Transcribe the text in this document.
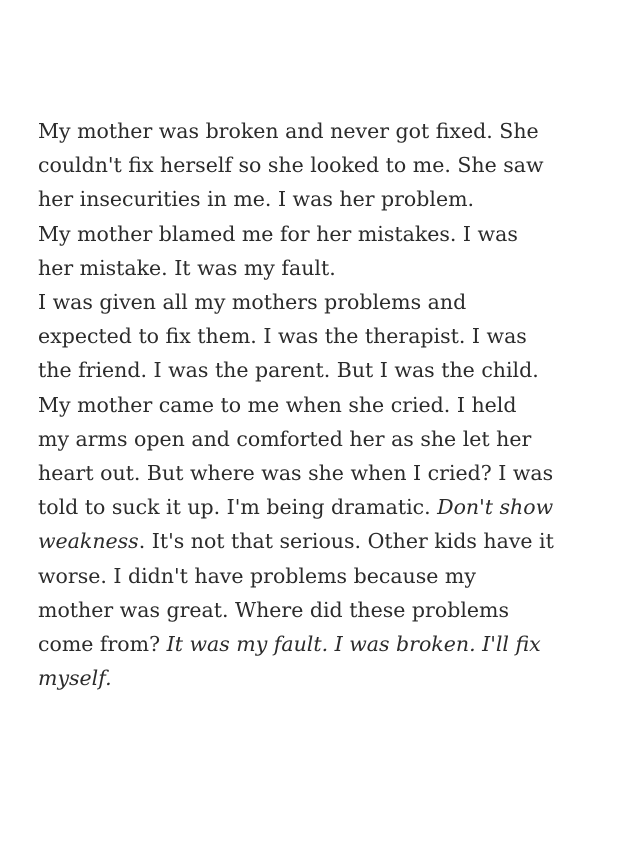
My mother was broken and never got fixed. She
couldn't fix herself so she looked to me. She saw
her insecurities in me. I was her problem.
My mother blamed me for her mistakes. I was
her mistake. It was my fault.
I was given all my mothers problems and
expected to fix them. I was the therapist. I was
the friend. I was the parent. But I was the child.
My mother came to me when she cried. I held
my arms open and comforted her as she let her
heart out. But where was she when I cried? I was
told to suck it up. I'm being dramatic. Don't show
weakness. It's not that serious. Other kids have it
worse. I didn't have problems because my
mother was great. Where did these problems
come from? It was my fault. I was broken. I'll fix
myself.
